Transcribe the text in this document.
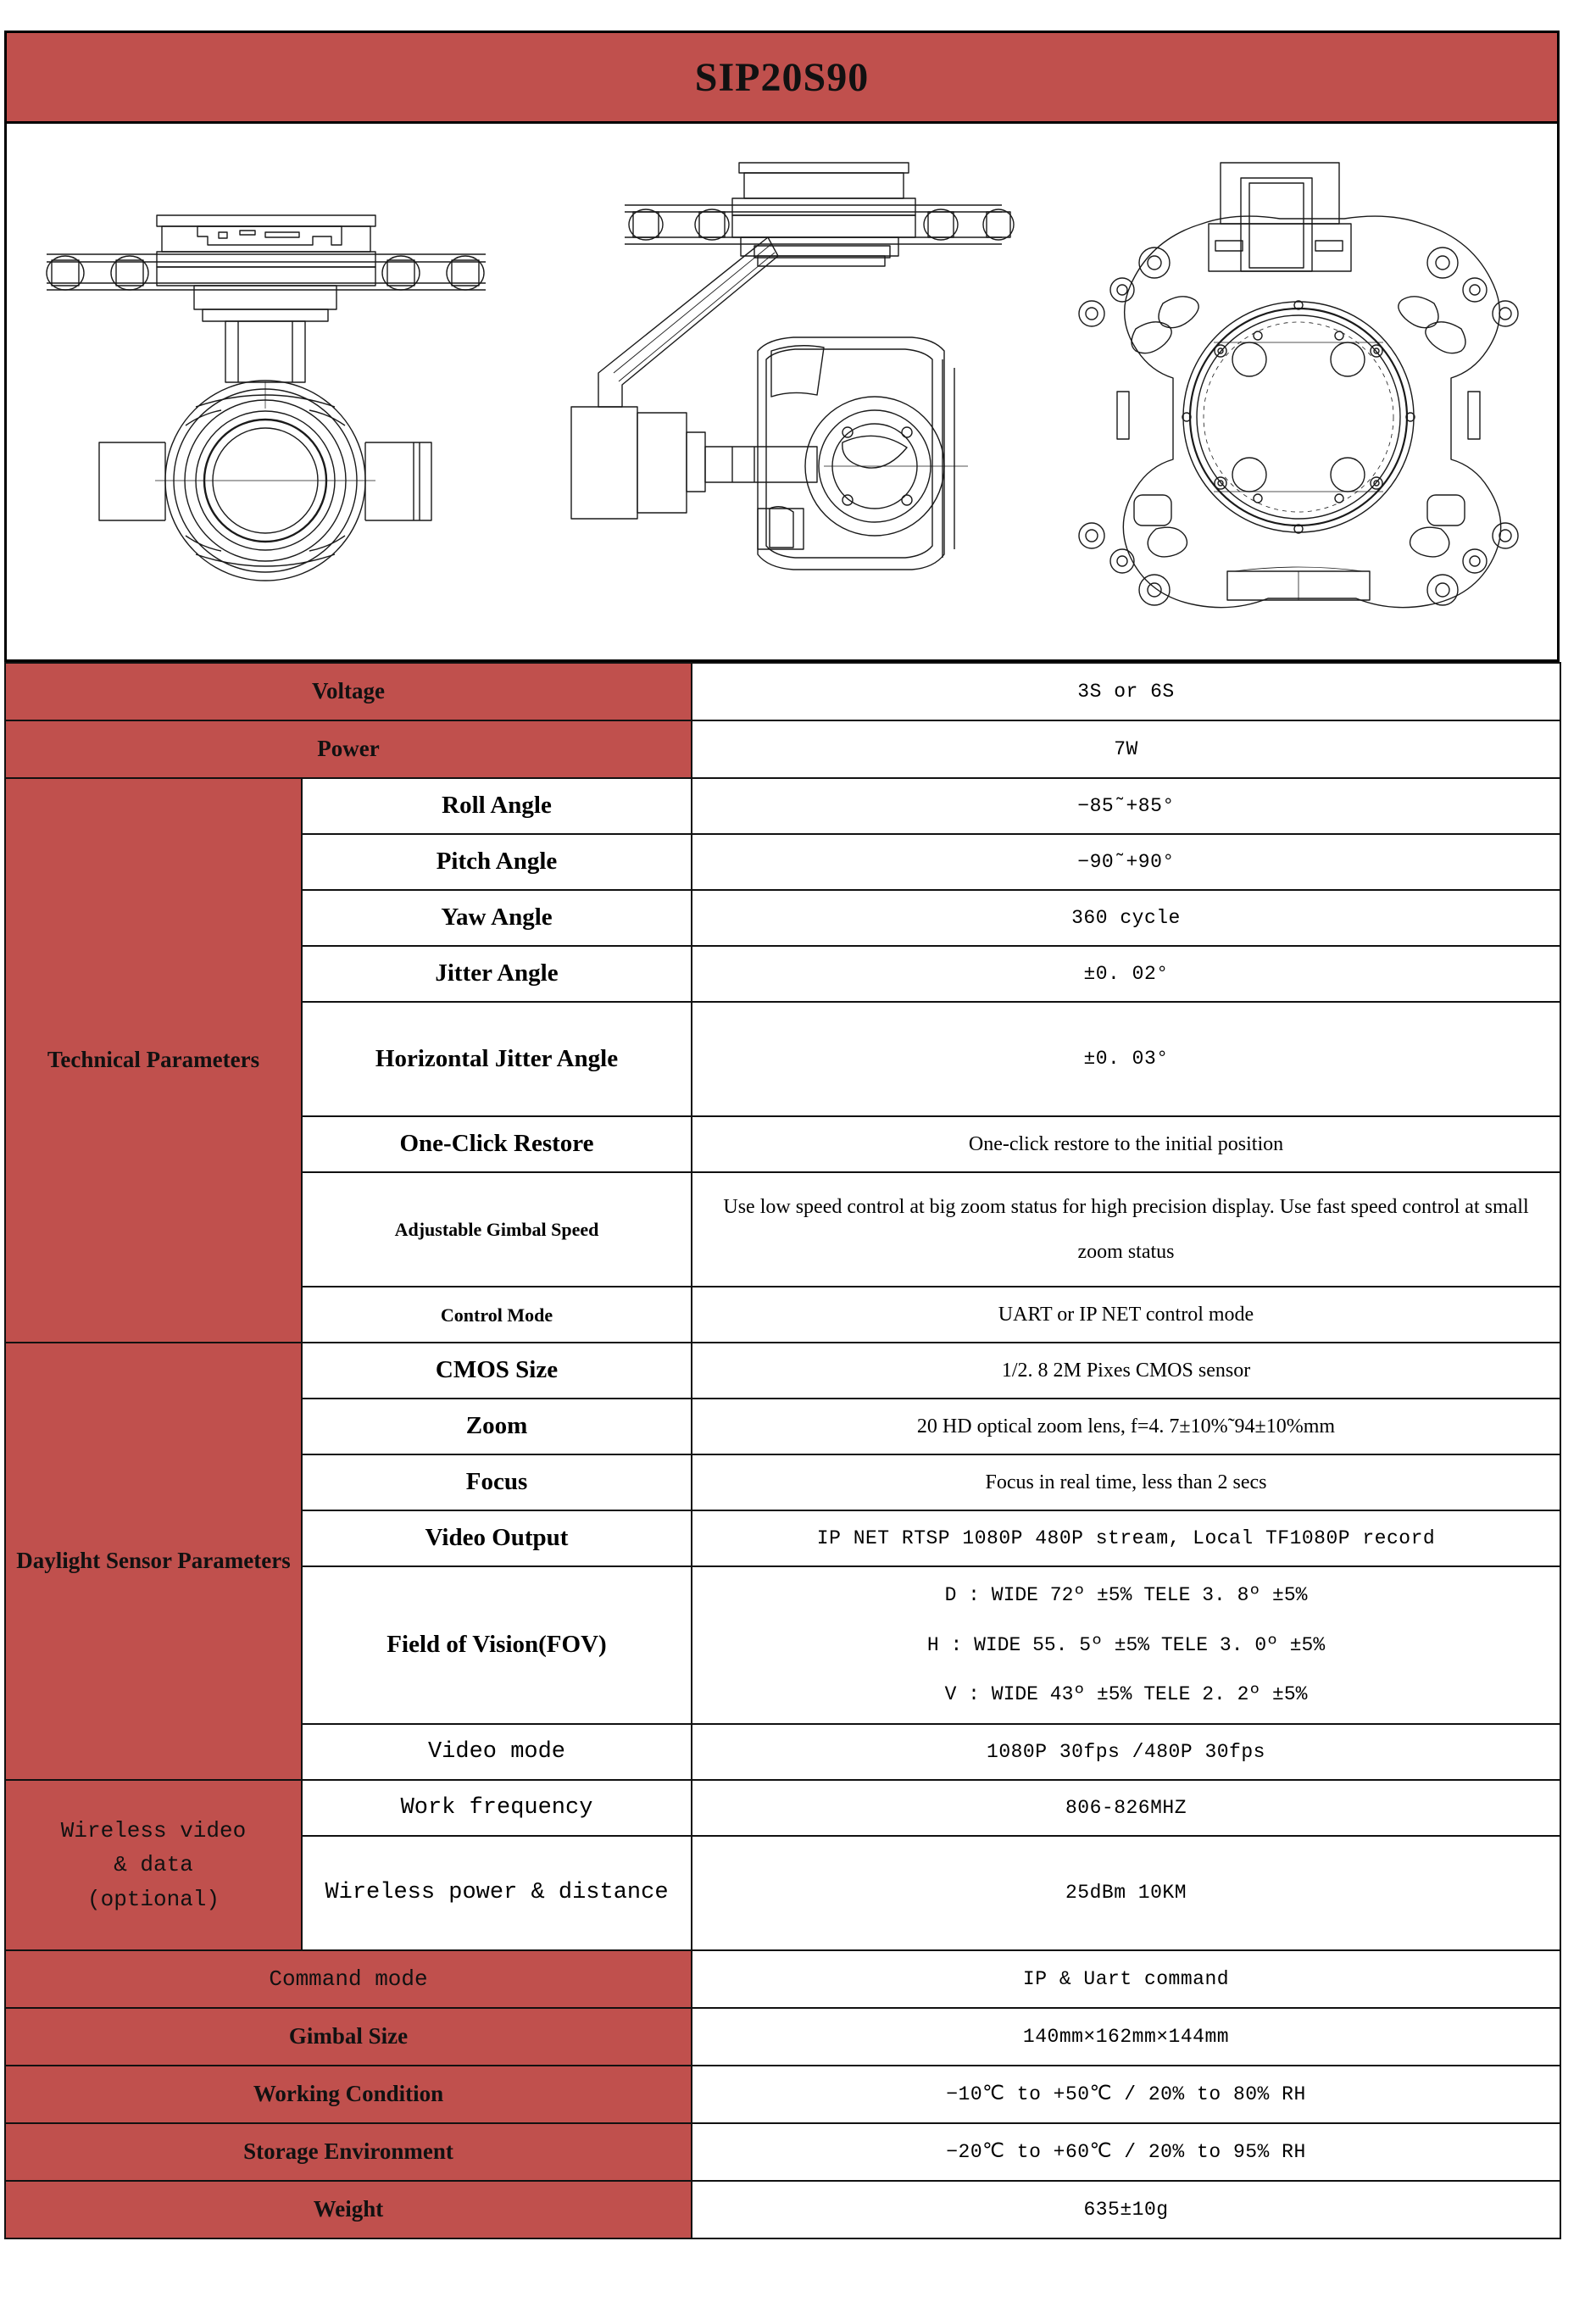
SIP20S90
Voltage		3S or 6S
Power		7W
Technical Parameters	Roll Angle	−85˜+85°
	Pitch Angle	−90˜+90°
	Yaw Angle	360 cycle
	Jitter Angle	±0. 02°
	Horizontal Jitter Angle	±0. 03°
	One-Click Restore	One-click restore to the initial position
	Adjustable Gimbal Speed	Use low speed control at big zoom status for high precision display. Use fast speed control at small zoom status
	Control Mode	UART or IP NET control mode
Daylight Sensor Parameters	CMOS Size	1/2. 8 2M Pixes CMOS sensor
	Zoom	20 HD optical zoom lens, f=4. 7±10%˜94±10%mm
	Focus	Focus in real time, less than 2 secs
	Video Output	IP NET RTSP 1080P 480P stream, Local TF1080P record
	Field of Vision(FOV)	D : WIDE 72º ±5% TELE 3. 8º ±5%
H : WIDE 55. 5º ±5% TELE 3. 0º ±5%
V : WIDE 43º ±5% TELE 2. 2º ±5%

	Video mode	1080P 30fps /480P 30fps

Wireless video
& data
(optional)	Work frequency	806-826MHZ
	Wireless power & distance	25dBm 10KM
Command mode		IP & Uart command
Gimbal Size		140mm×162mm×144mm
Working Condition		−10℃ to +50℃ / 20% to 80% RH
Storage Environment		−20℃ to +60℃ / 20% to 95% RH
Weight		635±10g
